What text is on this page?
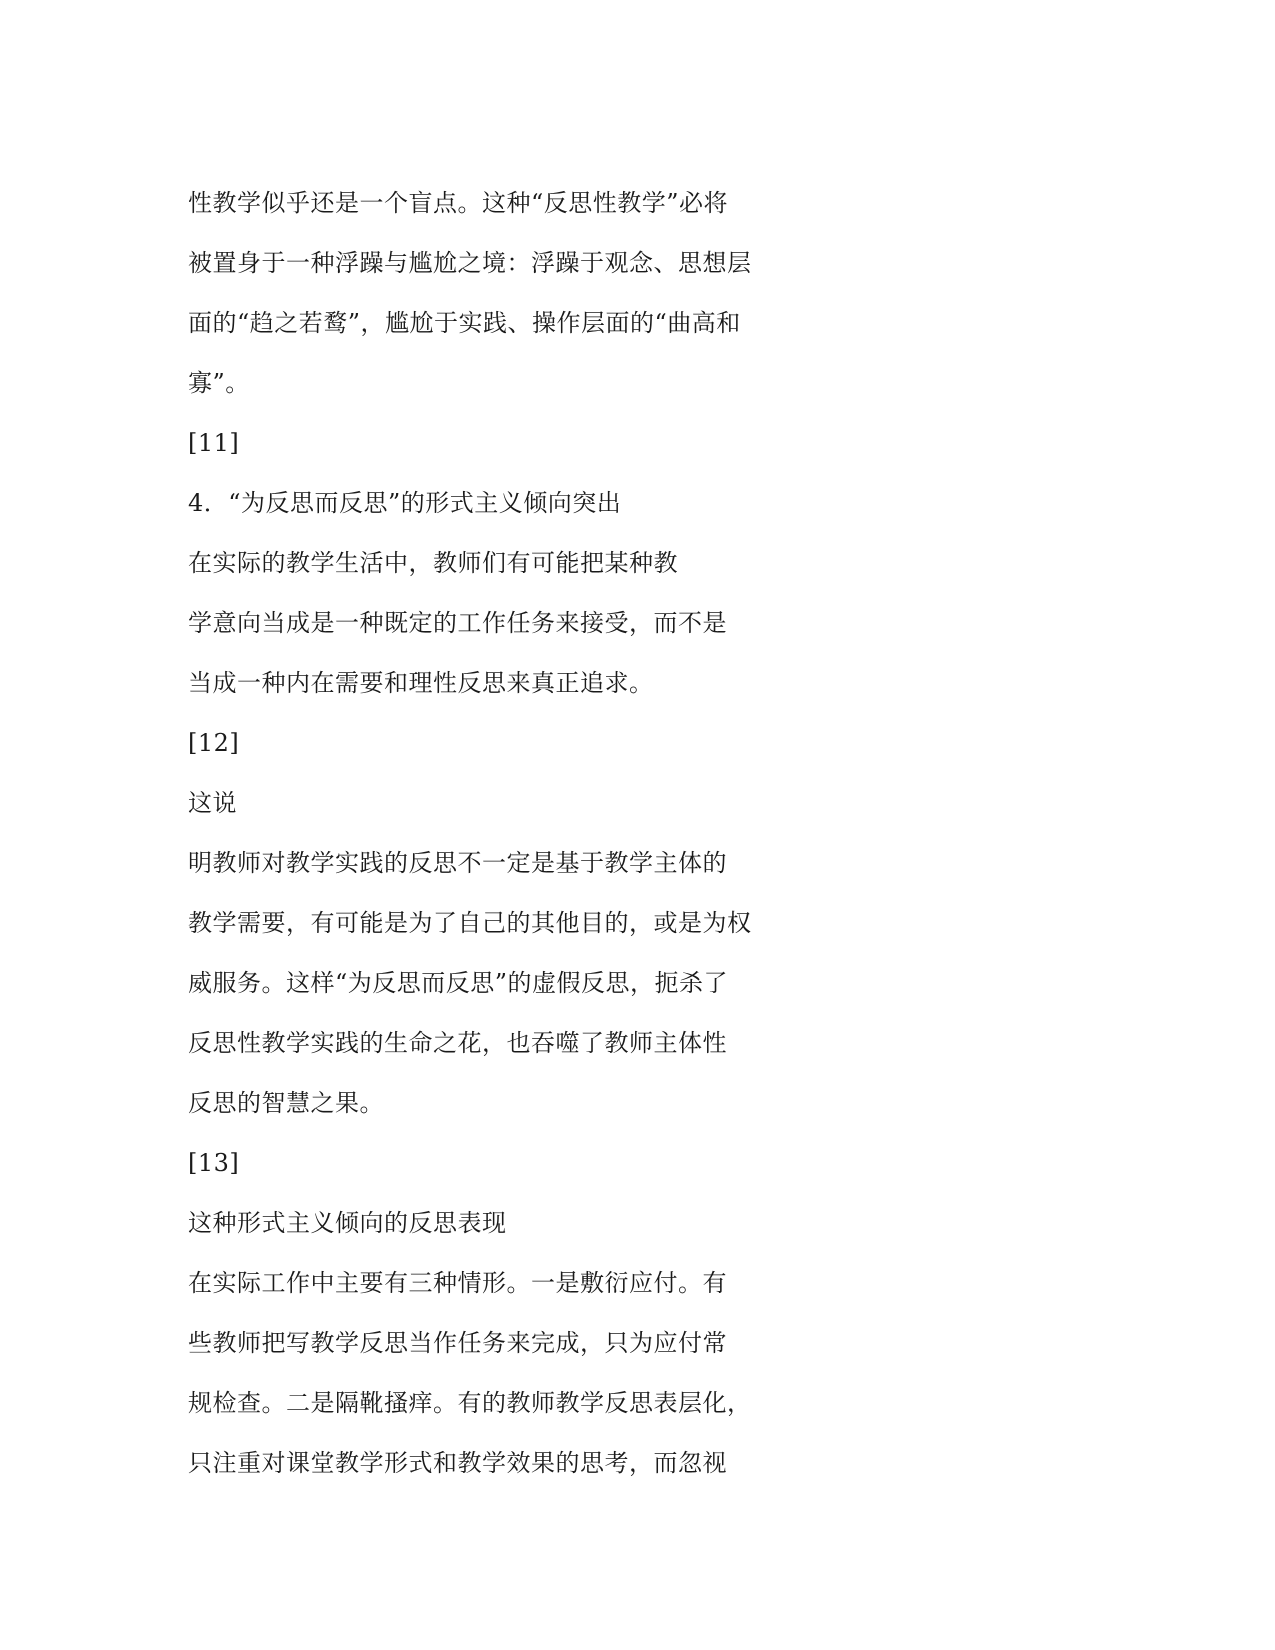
性教学似乎还是一个盲点。这种“反思性教学”必将
被置身于一种浮躁与尴尬之境：浮躁于观念、思想层
面的“趋之若鹜”，尴尬于实践、操作层面的“曲高和
寡”。
[11]
4．“为反思而反思”的形式主义倾向突出
在实际的教学生活中，教师们有可能把某种教
学意向当成是一种既定的工作任务来接受，而不是
当成一种内在需要和理性反思来真正追求。
[12]
这说
明教师对教学实践的反思不一定是基于教学主体的
教学需要，有可能是为了自己的其他目的，或是为权
威服务。这样“为反思而反思”的虚假反思，扼杀了
反思性教学实践的生命之花，也吞噬了教师主体性
反思的智慧之果。
[13]
这种形式主义倾向的反思表现
在实际工作中主要有三种情形。一是敷衍应付。有
些教师把写教学反思当作任务来完成，只为应付常
规检查。二是隔靴搔痒。有的教师教学反思表层化，
只注重对课堂教学形式和教学效果的思考，而忽视
